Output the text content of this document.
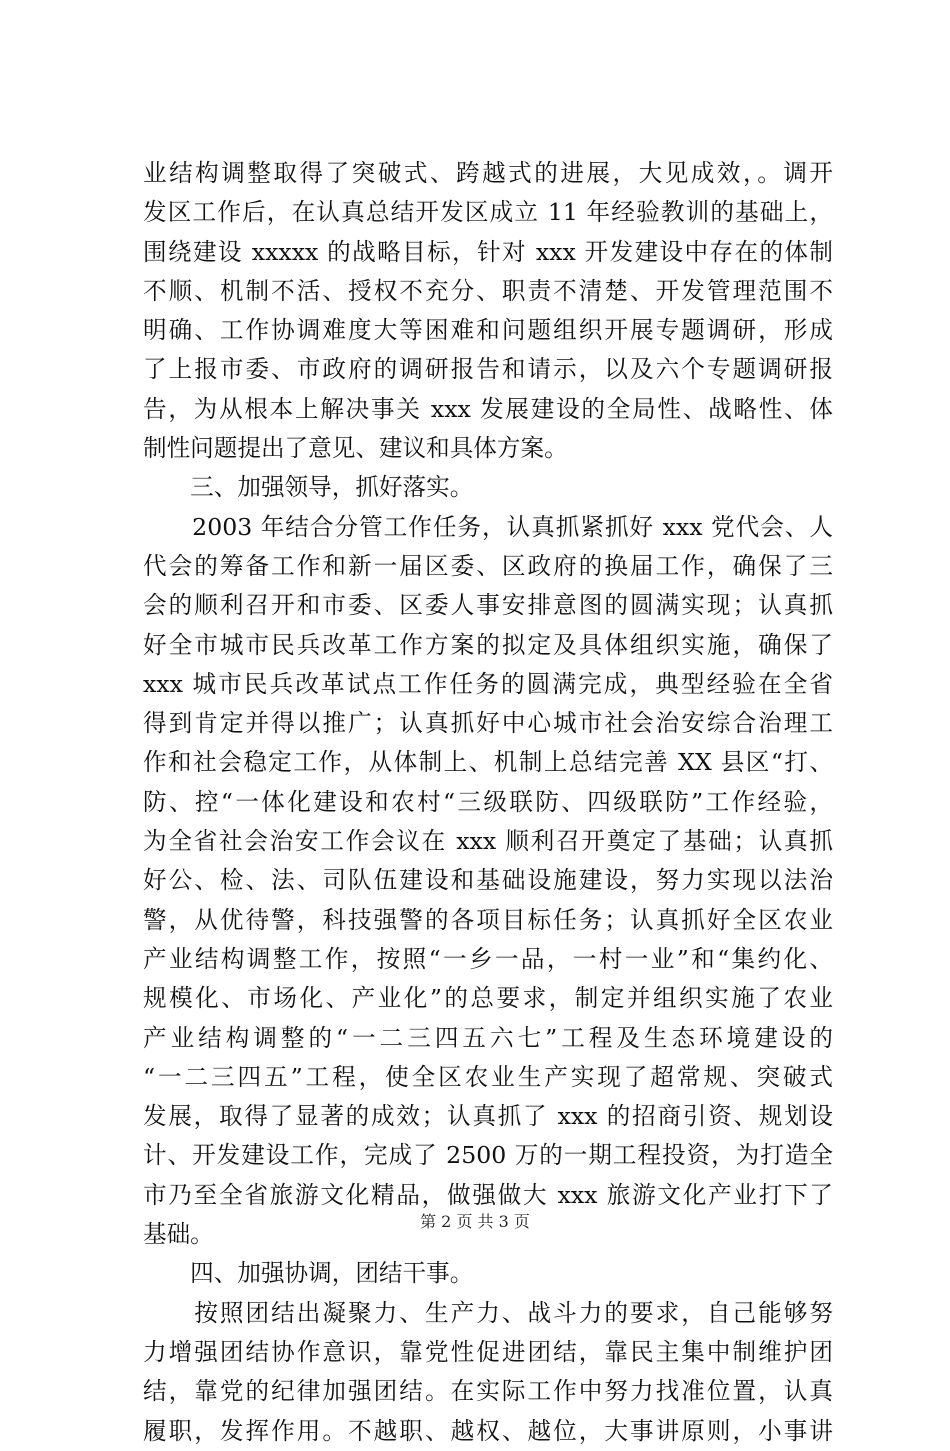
业结构调整取得了突破式、跨越式的进展，大见成效，。调开
发区工作后，在认真总结开发区成立 11 年经验教训的基础上，
围绕建设 xxxxx 的战略目标，针对 xxx 开发建设中存在的体制
不顺、机制不活、授权不充分、职责不清楚、开发管理范围不
明确、工作协调难度大等困难和问题组织开展专题调研，形成
了上报市委、市政府的调研报告和请示，以及六个专题调研报
告，为从根本上解决事关 xxx 发展建设的全局性、战略性、体
制性问题提出了意见、建议和具体方案。
　　三、加强领导，抓好落实。
　　2003 年结合分管工作任务，认真抓紧抓好 xxx 党代会、人
代会的筹备工作和新一届区委、区政府的换届工作，确保了三
会的顺利召开和市委、区委人事安排意图的圆满实现；认真抓
好全市城市民兵改革工作方案的拟定及具体组织实施，确保了
xxx 城市民兵改革试点工作任务的圆满完成，典型经验在全省
得到肯定并得以推广；认真抓好中心城市社会治安综合治理工
作和社会稳定工作，从体制上、机制上总结完善 XX 县区“打、
防、控“一体化建设和农村“三级联防、四级联防”工作经验，
为全省社会治安工作会议在 xxx 顺利召开奠定了基础；认真抓
好公、检、法、司队伍建设和基础设施建设，努力实现以法治
警，从优待警，科技强警的各项目标任务；认真抓好全区农业
产业结构调整工作，按照“一乡一品，一村一业”和“集约化、
规模化、市场化、产业化”的总要求，制定并组织实施了农业
产业结构调整的“一二三四五六七”工程及生态环境建设的
“一二三四五”工程，使全区农业生产实现了超常规、突破式
发展，取得了显著的成效；认真抓了 xxx 的招商引资、规划设
计、开发建设工作，完成了 2500 万的一期工程投资，为打造全
市乃至全省旅游文化精品，做强做大 xxx 旅游文化产业打下了
基础。
　　四、加强协调，团结干事。
　　按照团结出凝聚力、生产力、战斗力的要求，自己能够努
力增强团结协作意识，靠党性促进团结，靠民主集中制维护团
结，靠党的纪律加强团结。在实际工作中努力找准位置，认真
履职，发挥作用。不越职、越权、越位，大事讲原则，小事讲
第 2 页 共 3 页
